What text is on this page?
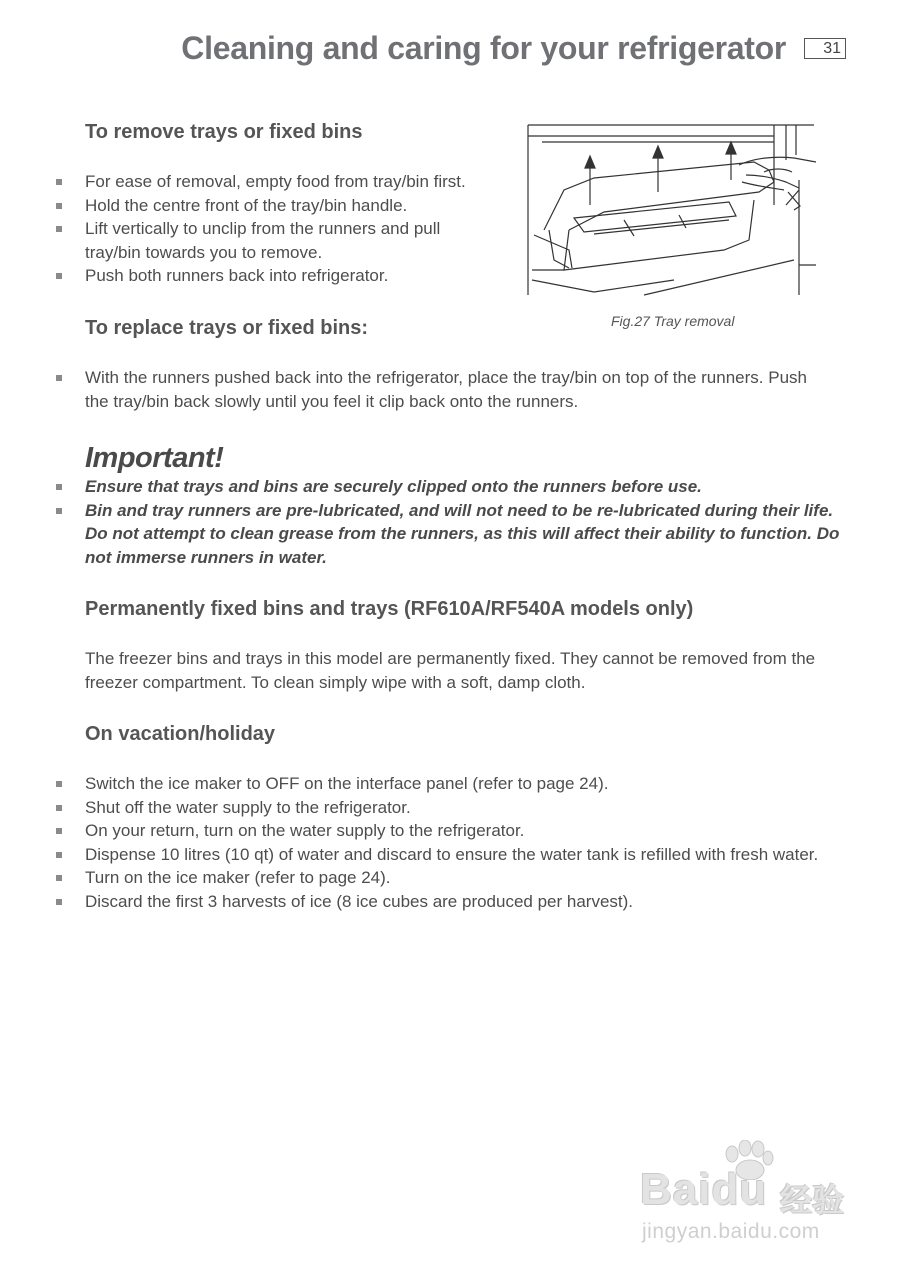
Cleaning and caring for your refrigerator	31
To remove trays or fixed bins
For ease of removal, empty food from tray/bin first.
Hold the centre front of the tray/bin handle.
Lift vertically to unclip from the runners and pull tray/bin towards you to remove.
Push both runners back into refrigerator.
Fig.27 Tray removal
To replace trays or fixed bins:
With the runners pushed back into the refrigerator, place the tray/bin on top of the runners. Push the tray/bin back slowly until you feel it clip back onto the runners.
Important!
Ensure that trays and bins are securely clipped onto the runners before use.
Bin and tray runners are pre-lubricated, and will not need to be re-lubricated during their life. Do not attempt to clean grease from the runners, as this will affect their ability to function. Do not immerse runners in water.
Permanently fixed bins and trays (RF610A/RF540A models only)

The freezer bins and trays in this model are permanently fixed. They cannot be removed from the freezer compartment. To clean simply wipe with a soft, damp cloth.

On vacation/holiday
Switch the ice maker to OFF on the interface panel (refer to page 24).
Shut off the water supply to the refrigerator.
On your return, turn on the water supply to the refrigerator.
Dispense 10 litres (10 qt) of water and discard to ensure the water tank is refilled with fresh water.
Turn on the ice maker (refer to page 24).
Discard the first 3 harvests of ice (8 ice cubes are produced per harvest).
Baidu 经验
jingyan.baidu.com
